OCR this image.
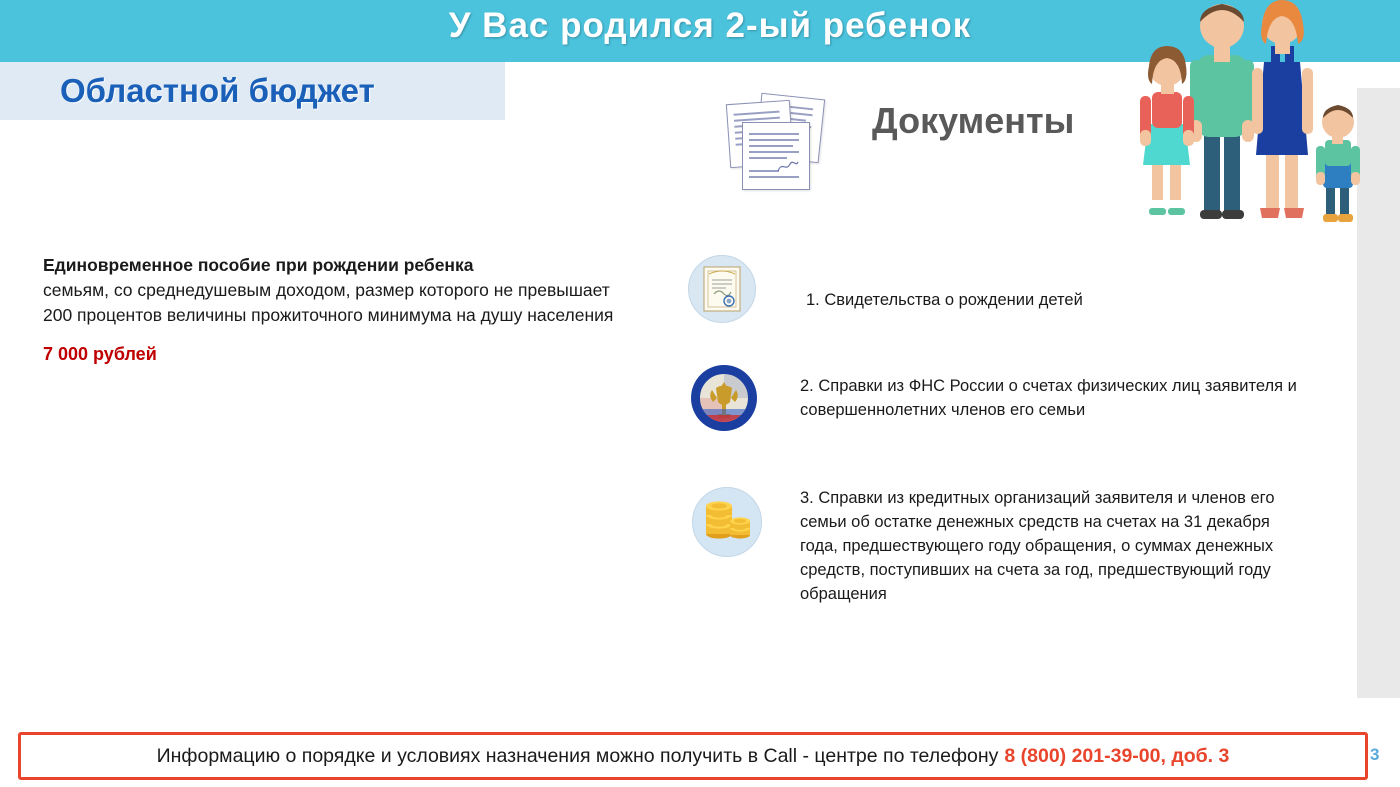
У Вас родился 2-ый ребенок
Областной бюджет
Документы
Единовременное пособие при рождении ребенка
семьям, со среднедушевым доходом, размер которого не превышает 200 процентов величины прожиточного минимума на душу населения
7 000 рублей
1. Свидетельства о рождении детей
2. Справки из ФНС России о счетах физических лиц заявителя и совершеннолетних членов его семьи
3. Справки из кредитных организаций заявителя и членов его семьи об остатке денежных средств на счетах на 31 декабря года, предшествующего году обращения, о суммах денежных средств, поступивших на счета за год, предшествующий году обращения
Информацию о порядке и условиях назначения можно получить в Call - центре по телефону 8 (800) 201-39-00, доб. 3	3
